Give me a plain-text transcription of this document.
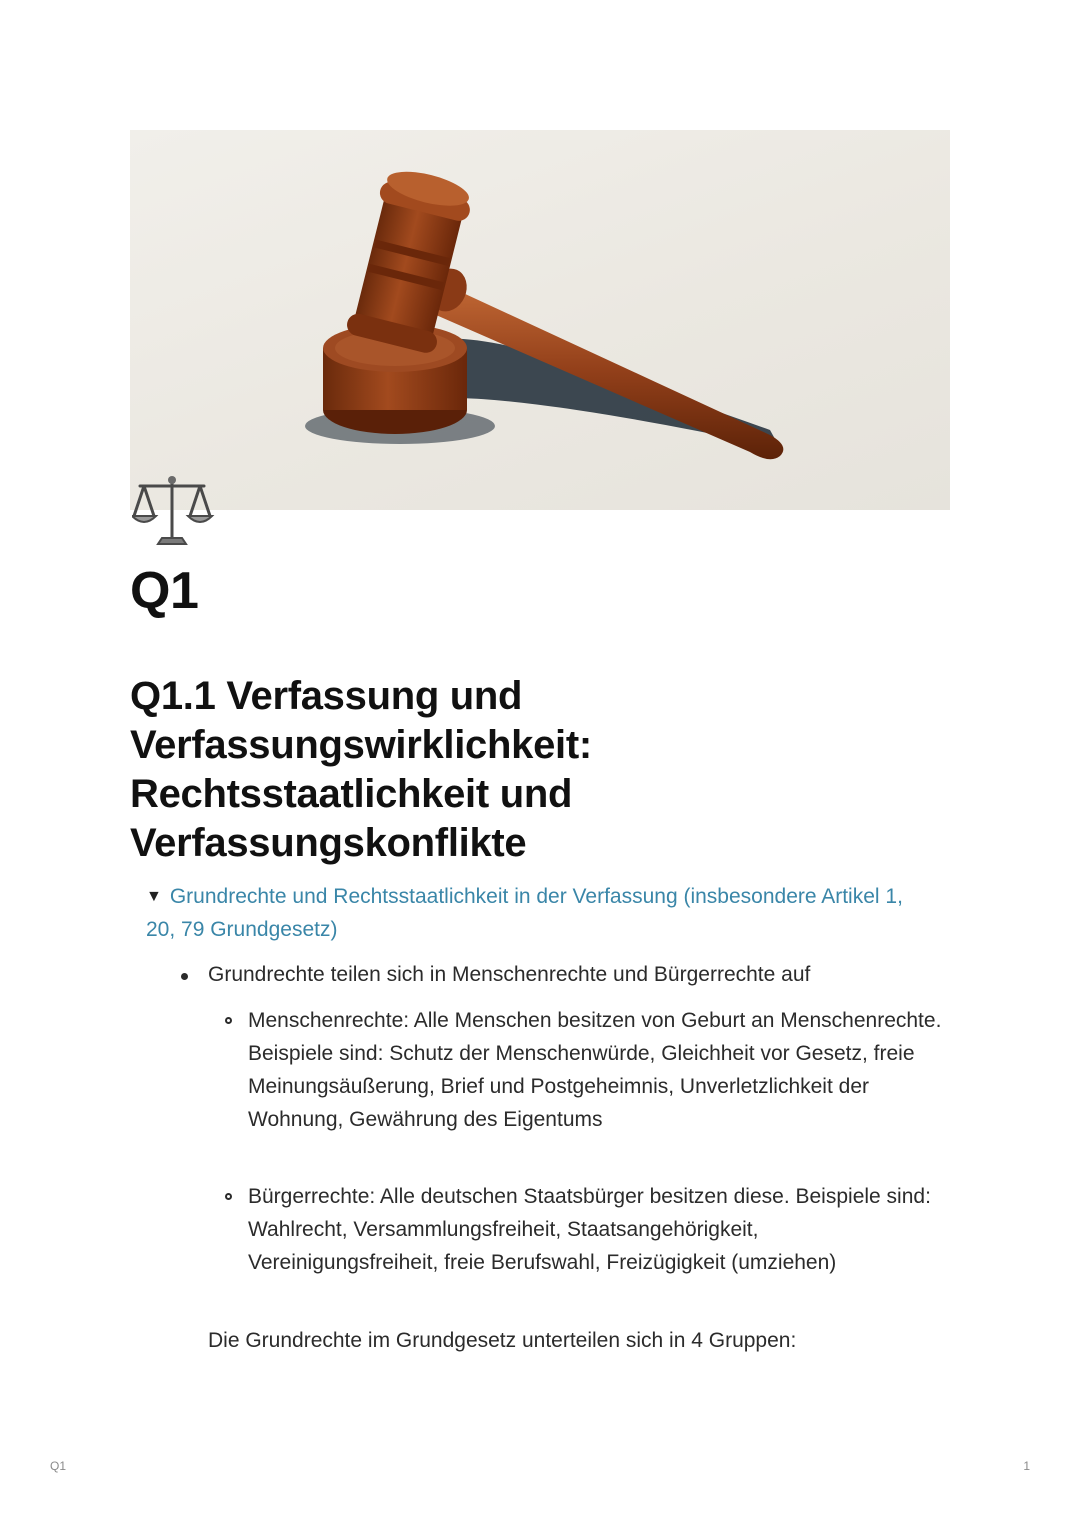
Q1
Q1.1 Verfassung und Verfassungswirklichkeit: Rechtsstaatlichkeit und Verfassungskonflikte
▼ Grundrechte und Rechtsstaatlichkeit in der Verfassung (insbesondere Artikel 1, 20, 79 Grundgesetz)
Grundrechte teilen sich in Menschenrechte und Bürgerrechte auf

Menschenrechte: Alle Menschen besitzen von Geburt an Menschenrechte.

Beispiele sind: Schutz der Menschenwürde, Gleichheit vor Gesetz, freie Meinungsäußerung, Brief und Postgeheimnis, Unverletzlichkeit der Wohnung, Gewährung des Eigentums

Bürgerrechte: Alle deutschen Staatsbürger besitzen diese. Beispiele sind:

Wahlrecht, Versammlungsfreiheit, Staatsangehörigkeit, Vereinigungsfreiheit, freie Berufswahl, Freizügigkeit (umziehen)

Die Grundrechte im Grundgesetz unterteilen sich in 4 Gruppen:
Q1	1
